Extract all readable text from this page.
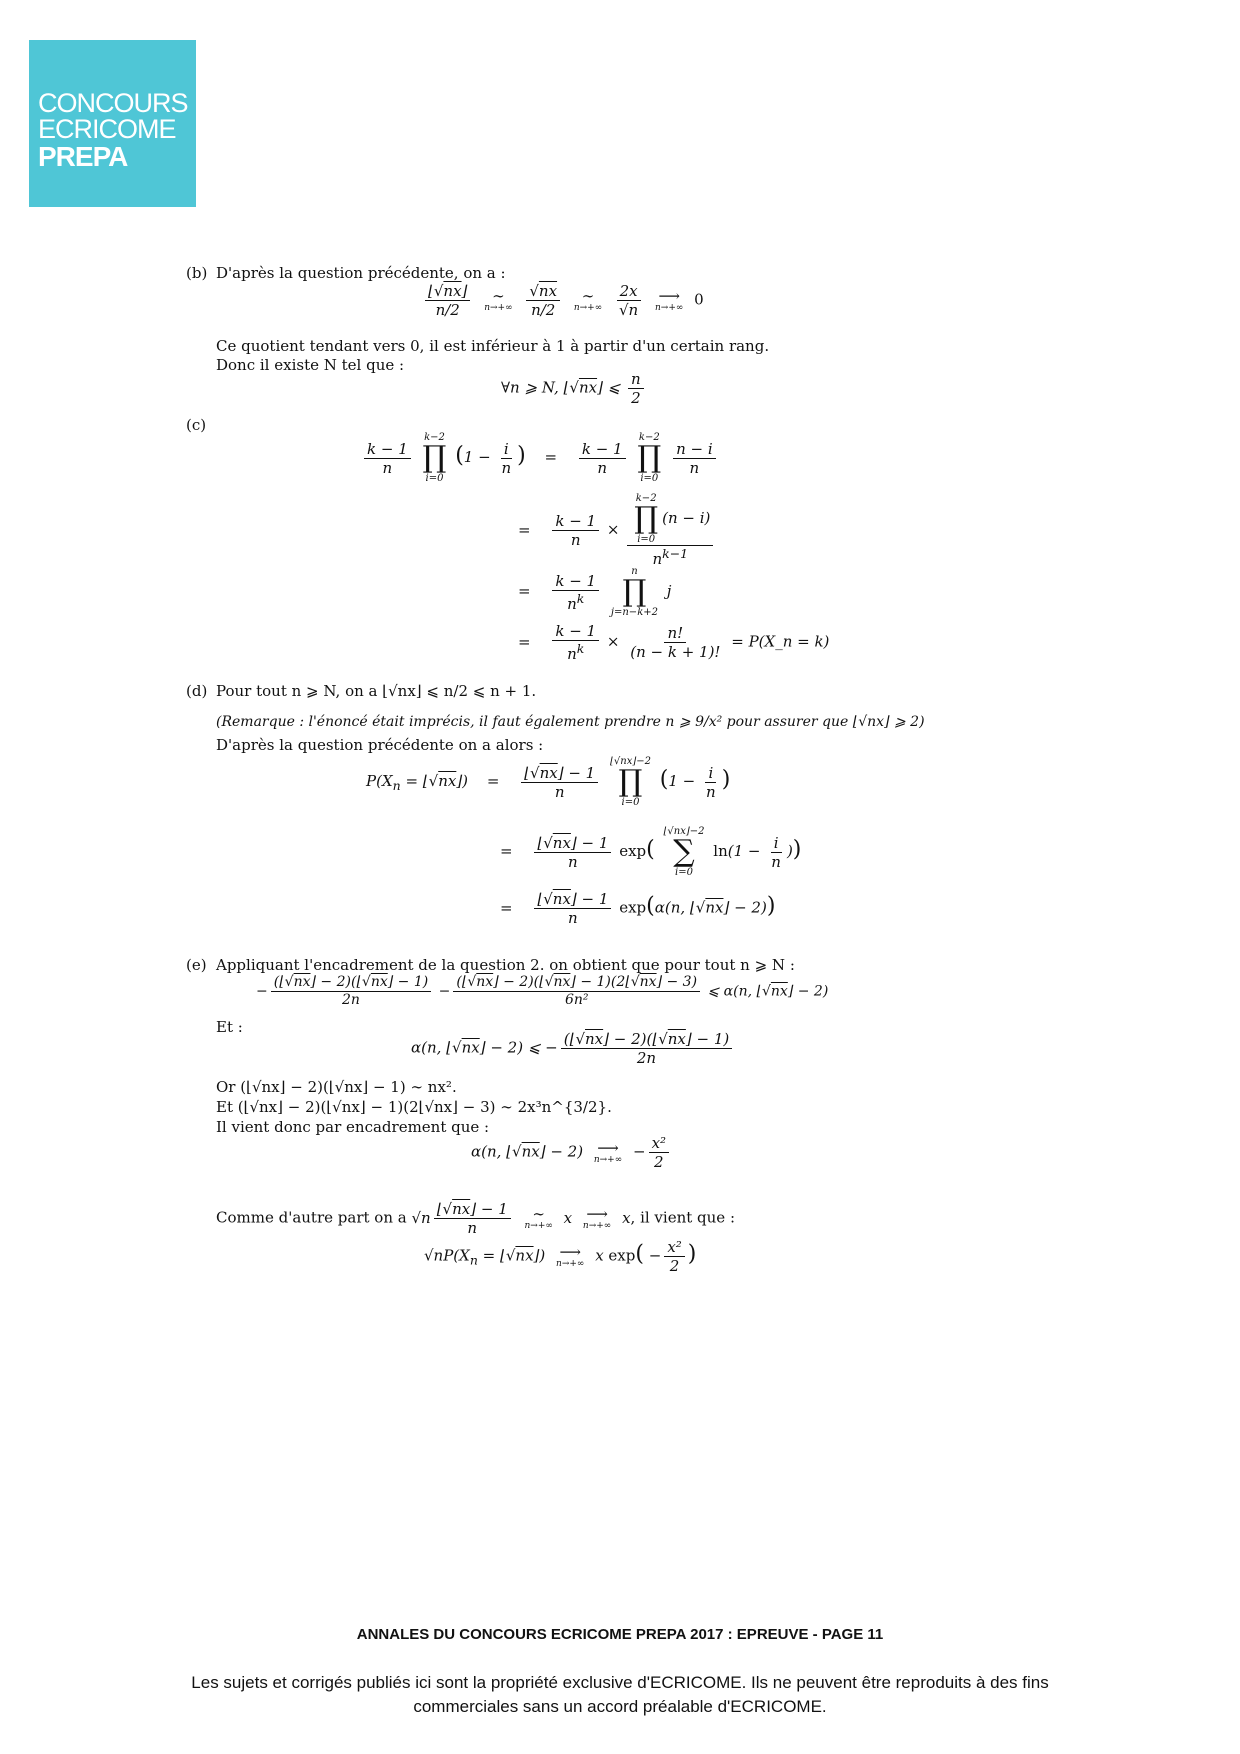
CONCOURS
ECRICOME
PREPA
(b) D'après la question précédente, on a :
$\frac{⌊√nx⌋}{n/2}$
∼
n→+∞
$\frac{√nx}{n/2}$
∼
n→+∞
$\frac{2x}{√n}$
⟶
n→+∞ 0
Ce quotient tendant vers 0, il est inférieur à 1 à partir d'un certain rang.
Donc il existe N tel que :
∀n ⩾ N, ⌊√nx⌋ ⩽ $\frac{n}{2}$
(c)
$\frac{k - 1}{n}$

k−2
∏
i=0
($1 - \frac{i}{n}$ ) = $\frac{k - 1}{n}$

k−2
∏
i=0

$\frac{n - i}{n}$
= $\frac{k - 1}{n} \times k-2$
∏
i=0
(n − i)
$n^{k-1}$
= $\frac{k - 1}{n^k}$
	n
∏
j=n−k+2
j
= $\frac{k - 1}{n^k} \times \frac{n!}{(n - k + 1)!}$ = P(X_n = k)
(d) Pour tout n ⩾ N, on a ⌊√nx⌋ ⩽ n/2 ⩽ n + 1.
(Remarque : l'énoncé était imprécis, il faut également prendre n ⩾ 9/x² pour assurer que ⌊√nx⌋ ⩾ 2)
D'après la question précédente on a alors :
$P(X_n$ = ⌊√nx⌋) = $\frac{⌊√nx⌋ - 1}{n}$

⌊√nx⌋−2
∏
i=0
($1 - \frac{i}{n}$ )
= $\frac{⌊√nx⌋ - 1}{n} \exp$(
⌊√nx⌋−2
∑
i=0
$\ln(1 - \frac{i}{n}$ ))
= $\frac{⌊√nx⌋ - 1}{n} \exp(\alpha(n$, ⌊√nx⌋ − 2))
(e) Appliquant l'encadrement de la question 2. on obtient que pour tout n ⩾ N :
− $\frac{(⌊√nx⌋ - 2)(⌊√nx⌋ - 1)}{2n} - \frac{(⌊√nx⌋ - 2)(⌊√nx⌋ - 1)(2⌊√nx⌋ - 3)}{\text{6n²}}$ ⩽ α(n, ⌊√nx⌋ − 2)
Et :
α(n, ⌊√nx⌋ − 2) ⩽ − $\frac{(⌊√nx⌋ - 2)(⌊√nx⌋ - 1)}{2n}$
Or (⌊√nx⌋ − 2)(⌊√nx⌋ − 1) ∼ nx².
Et (⌊√nx⌋ − 2)(⌊√nx⌋ − 1)(2⌊√nx⌋ − 3) ∼ 2x³n^{3/2}.
Il vient donc par encadrement que :
α(n, ⌊√nx⌋ − 2) ⟶
$n\to+\infty - \frac{\text{x²}}{2}$
Comme d'autre part on a $√n \frac{⌊√nx⌋ - 1}{n}$
∼
n→+∞ x ⟶
n→+∞ x, il vient que :
$√nP(X_n$ = ⌊√nx⌋) ⟶
n→+∞ x $\exp( - \frac{\text{x²}}{2}$ )
ANNALES DU CONCOURS ECRICOME PREPA 2017 : EPREUVE - PAGE 11
Les sujets et corrigés publiés ici sont la propriété exclusive d'ECRICOME. Ils ne peuvent être reproduits à des fins commerciales sans un accord préalable d'ECRICOME.
